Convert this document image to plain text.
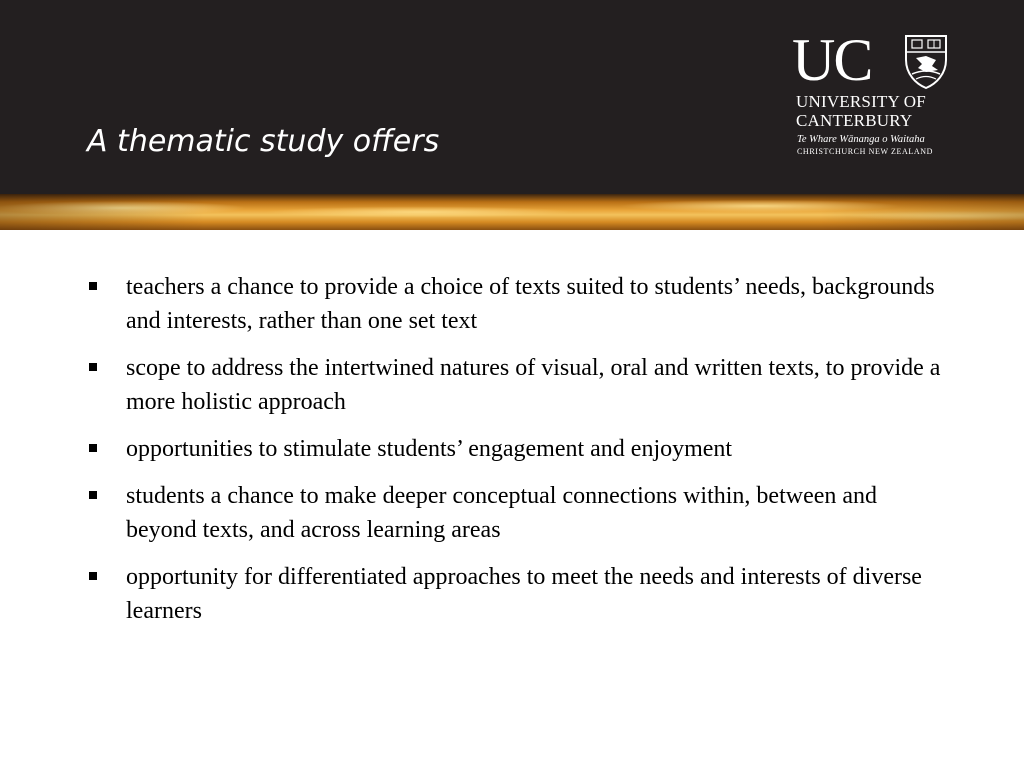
A thematic study offers
UC
UNIVERSITY OF
CANTERBURY
Te Whare Wānanga o Waitaha
CHRISTCHURCH NEW ZEALAND
teachers a chance to provide a choice of texts suited to students’ needs, backgrounds and interests, rather than one set text
scope to address the intertwined natures of visual, oral and written texts, to provide a more holistic approach
opportunities to stimulate students’ engagement and enjoyment
students a chance to make deeper conceptual connections within, between and beyond texts, and across learning areas
opportunity for differentiated approaches to meet the needs and interests of diverse learners
